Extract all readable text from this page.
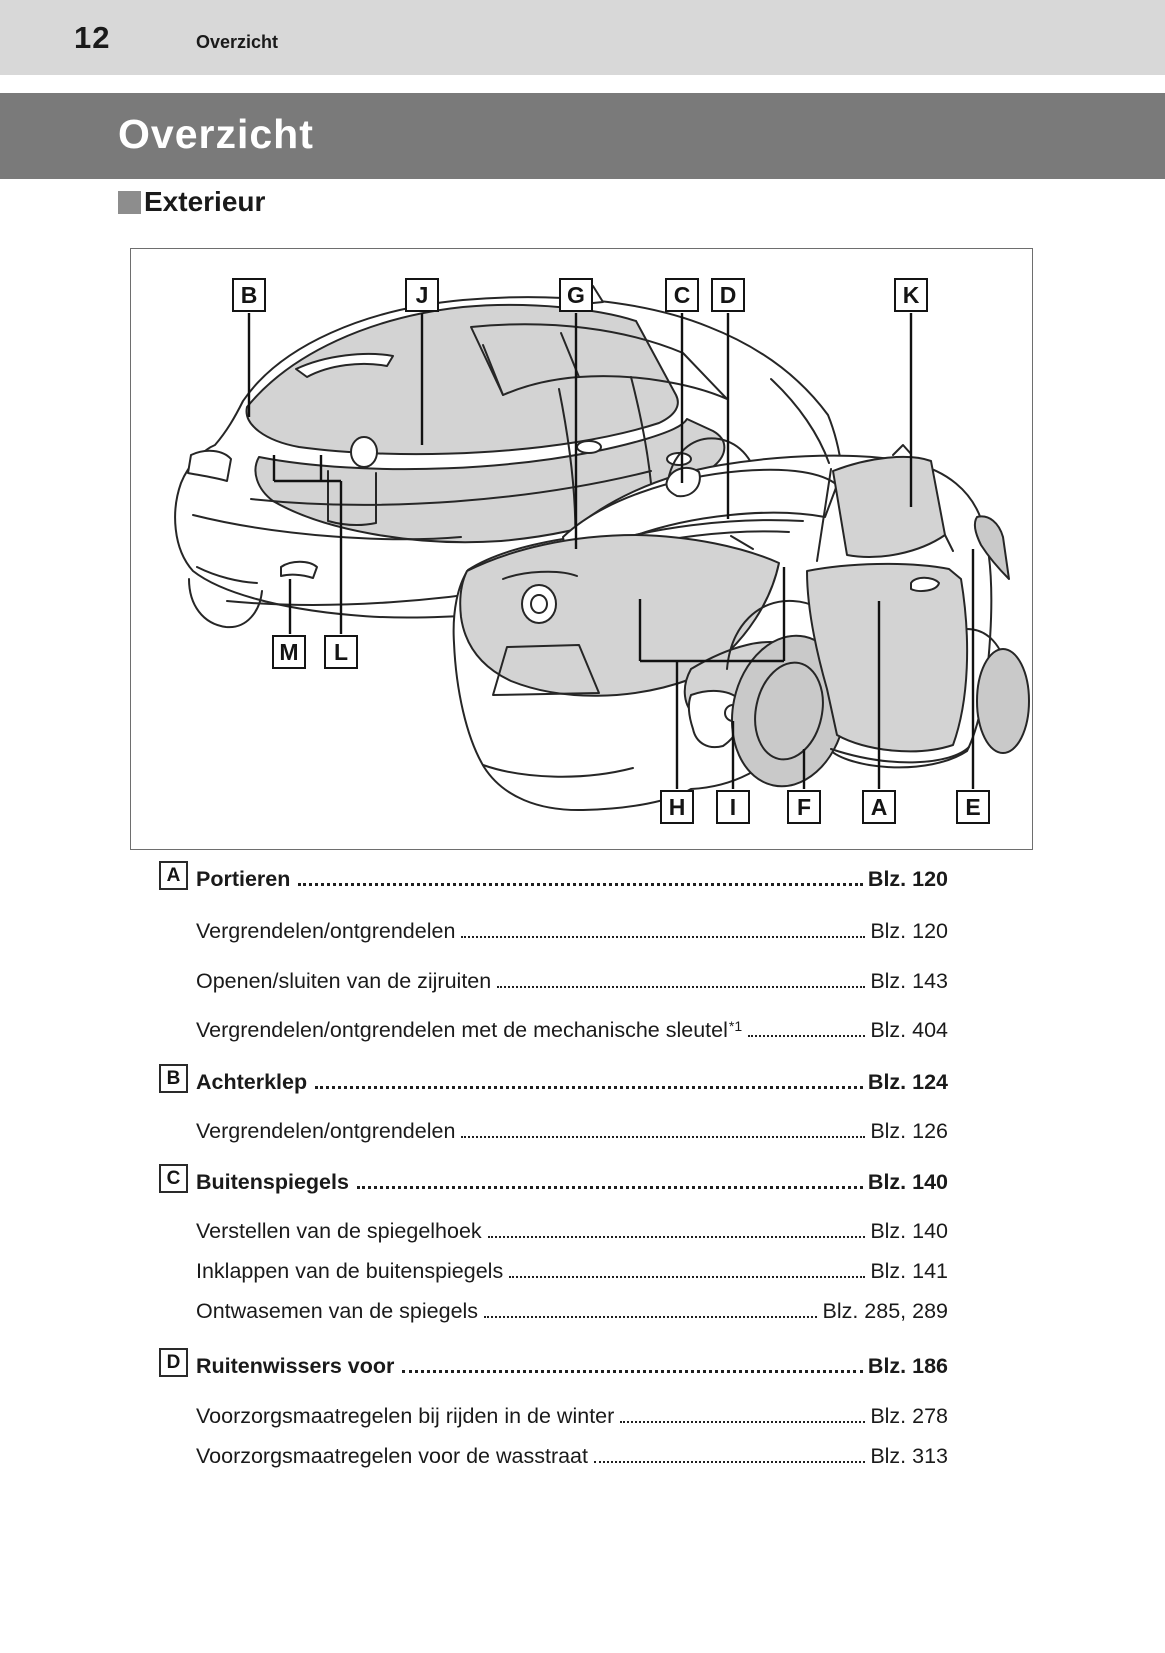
12	Overzicht
Overzicht
Exterieur
B	J	G	C	D	K
M	L
H	I	F	A	E
A Portieren	Blz. 120
Vergrendelen/ontgrendelen	Blz. 120
Openen/sluiten van de zijruiten	Blz. 143
Vergrendelen/ontgrendelen met de mechanische sleutel *1	Blz. 404
B Achterklep	Blz. 124
Vergrendelen/ontgrendelen	Blz. 126
C Buitenspiegels	Blz. 140
Verstellen van de spiegelhoek	Blz. 140
Inklappen van de buitenspiegels	Blz. 141
Ontwasemen van de spiegels	Blz. 285, 289
D Ruitenwissers voor	Blz. 186
Voorzorgsmaatregelen bij rijden in de winter	Blz. 278
Voorzorgsmaatregelen voor de wasstraat	Blz. 313
